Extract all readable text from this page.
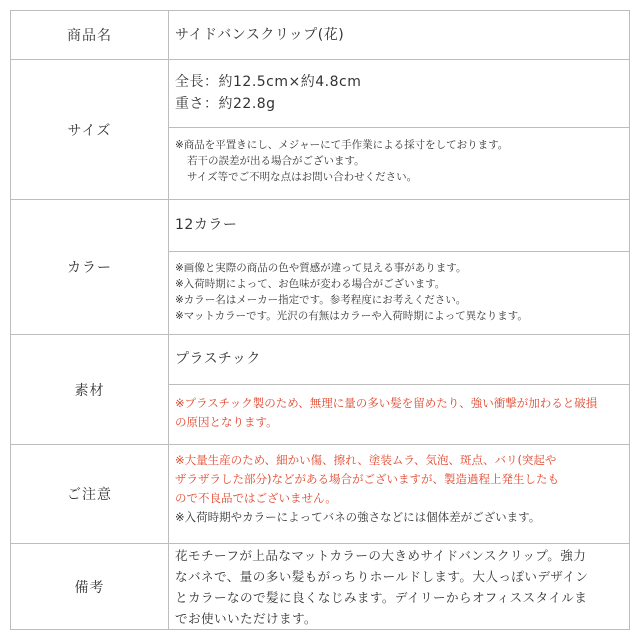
商品名	サイドバンスクリップ(花)
サイズ
全長：約12.5cm×約4.8cm
重さ：約22.8g
※商品を平置きにし、メジャーにて手作業による採寸をしております。
若干の誤差が出る場合がございます。
サイズ等でご不明な点はお問い合わせください。
カラー
12カラー
※画像と実際の商品の色や質感が違って見える事があります。
※入荷時期によって、お色味が変わる場合がございます。
※カラー名はメーカー指定です。参考程度にお考えください。
※マットカラーです。光沢の有無はカラーや入荷時期によって異なります。
素材
プラスチック
※プラスチック製のため、無理に量の多い髪を留めたり、強い衝撃が加わると破損
の原因となります。
ご注意
※大量生産のため、細かい傷、擦れ、塗装ムラ、気泡、斑点、バリ(突起や
ザラザラした部分)などがある場合がございますが、製造過程上発生したも
ので不良品ではございません。
※入荷時期やカラーによってバネの強さなどには個体差がございます。
備考
花モチーフが上品なマットカラーの大きめサイドバンスクリップ。強力
なバネで、量の多い髪もがっちりホールドします。大人っぽいデザイン
とカラーなので髪に良くなじみます。デイリーからオフィススタイルま
でお使いいただけます。
